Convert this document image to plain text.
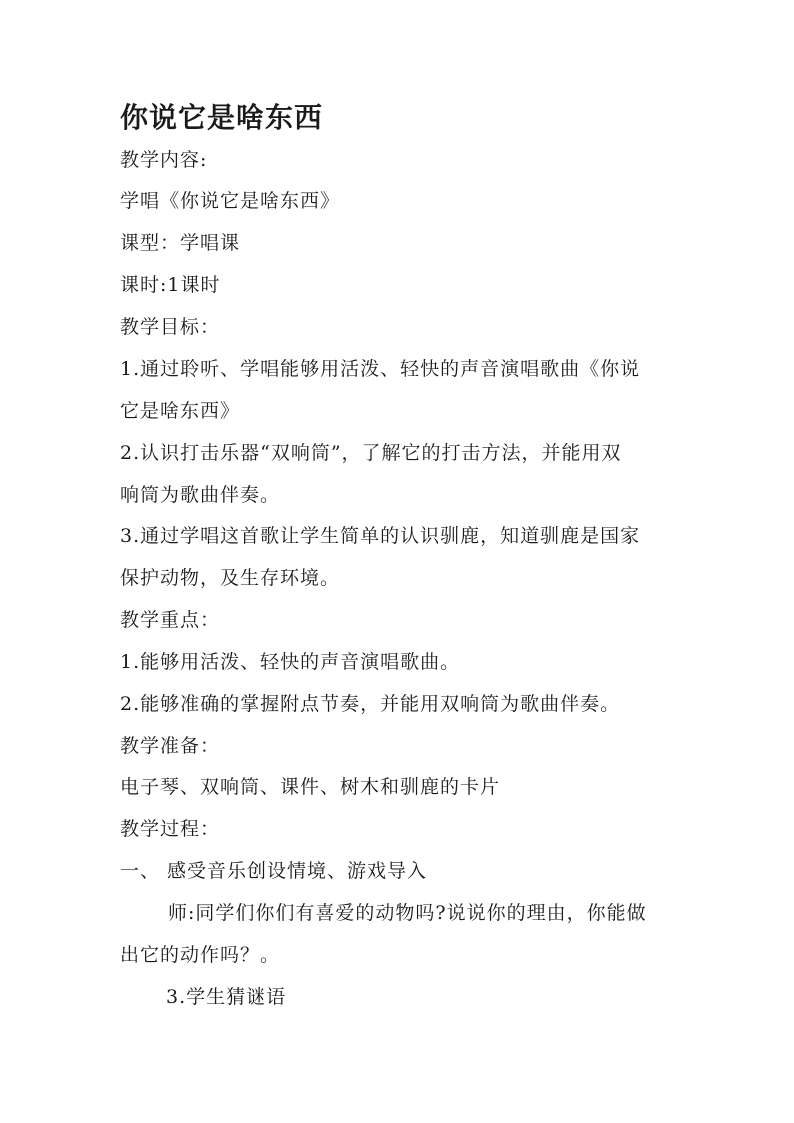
你说它是啥东西
教学内容:
学唱《你说它是啥东西》
课型：学唱课
课时:1课时
教学目标：
1.通过聆听、学唱能够用活泼、轻快的声音演唱歌曲《你说
它是啥东西》
2.认识打击乐器“双响筒”，了解它的打击方法，并能用双
响筒为歌曲伴奏。
3.通过学唱这首歌让学生简单的认识驯鹿，知道驯鹿是国家
保护动物，及生存环境。
教学重点：
1.能够用活泼、轻快的声音演唱歌曲。
2.能够准确的掌握附点节奏，并能用双响筒为歌曲伴奏。
教学准备：
电子琴、双响筒、课件、树木和驯鹿的卡片
教学过程：
一、 感受音乐创设情境、游戏导入
师:同学们你们有喜爱的动物吗?说说你的理由，你能做
出它的动作吗？。
3.学生猜谜语
